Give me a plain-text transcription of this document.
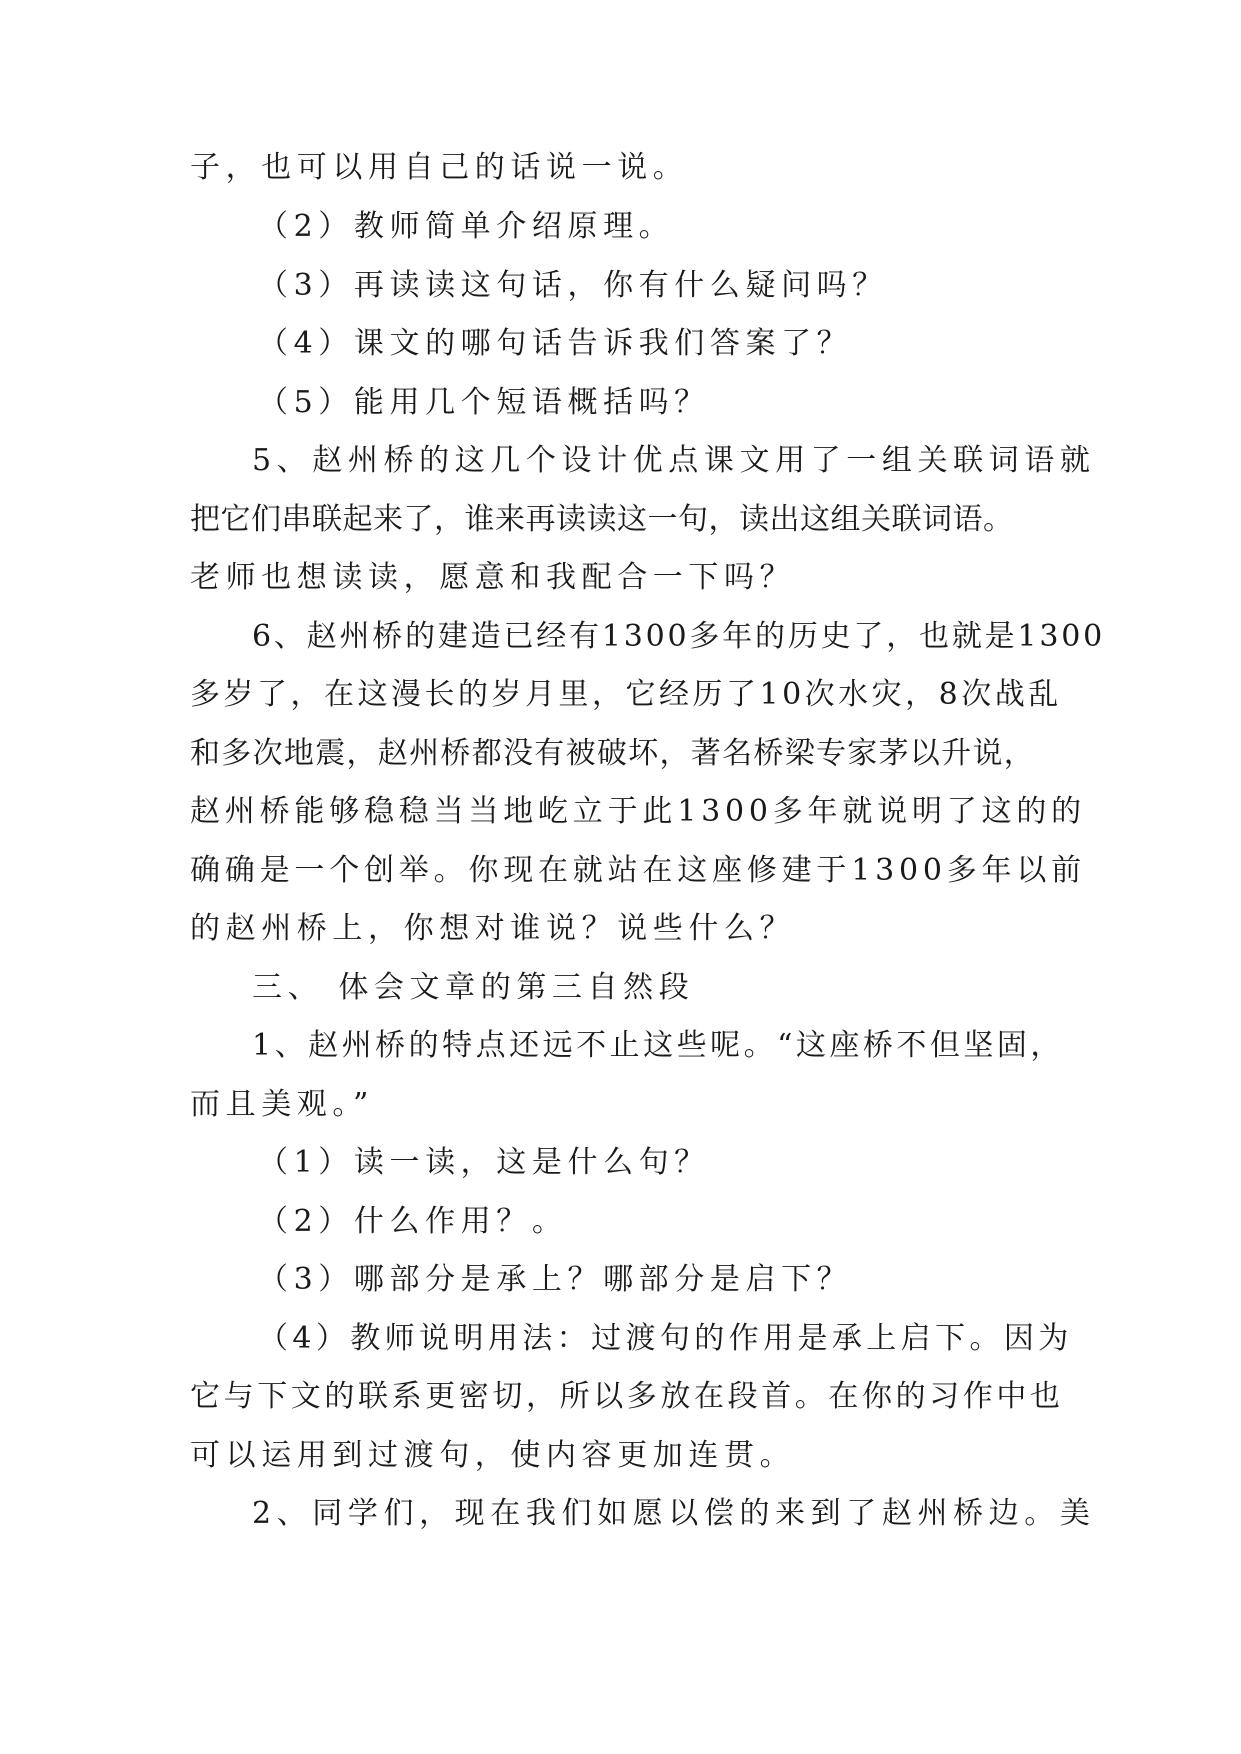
子，也可以用自己的话说一说。
（2）教师简单介绍原理。
（3）再读读这句话，你有什么疑问吗？
（4）课文的哪句话告诉我们答案了？
（5）能用几个短语概括吗？
5、赵州桥的这几个设计优点课文用了一组关联词语就
把它们串联起来了，谁来再读读这一句，读出这组关联词语。
老师也想读读，愿意和我配合一下吗？
6、赵州桥的建造已经有1300多年的历史了，也就是1300
多岁了，在这漫长的岁月里，它经历了10次水灾，8次战乱
和多次地震，赵州桥都没有被破坏，著名桥梁专家茅以升说，
赵州桥能够稳稳当当地屹立于此1300多年就说明了这的的
确确是一个创举。你现在就站在这座修建于1300多年以前
的赵州桥上，你想对谁说？说些什么？
三、 体会文章的第三自然段
1、赵州桥的特点还远不止这些呢。“这座桥不但坚固，
而且美观。”
（1）读一读，这是什么句？
（2）什么作用？。
（3）哪部分是承上？哪部分是启下？
（4）教师说明用法：过渡句的作用是承上启下。因为
它与下文的联系更密切，所以多放在段首。在你的习作中也
可以运用到过渡句，使内容更加连贯。
2、同学们，现在我们如愿以偿的来到了赵州桥边。美
